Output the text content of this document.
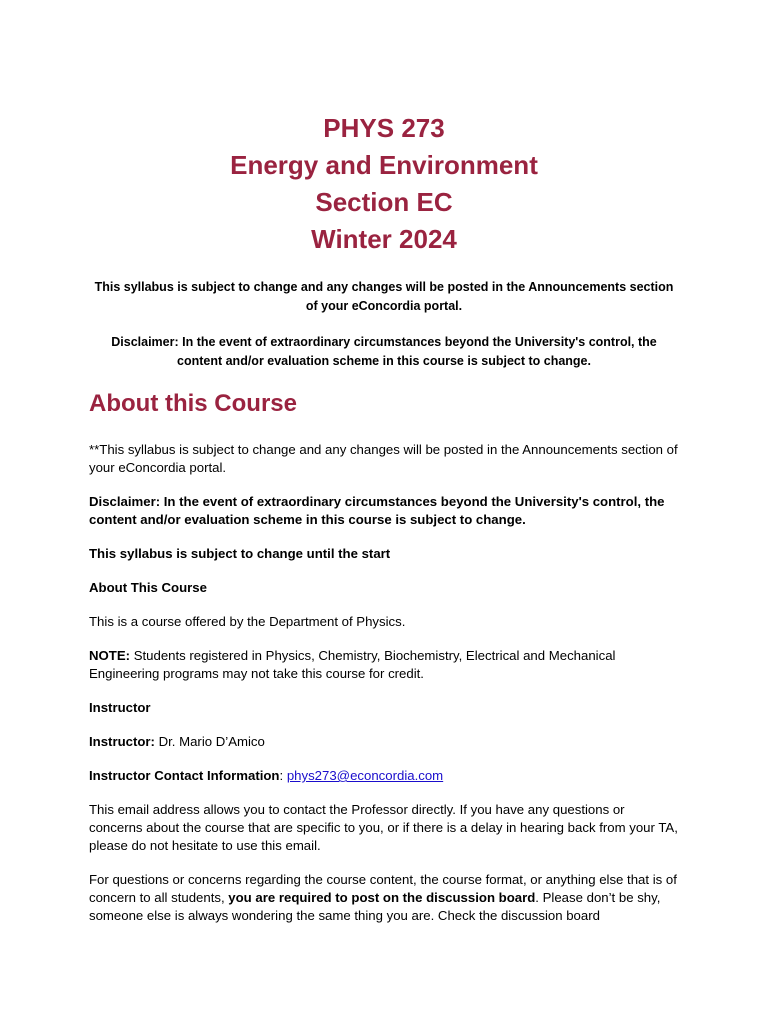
PHYS 273
Energy and Environment
Section EC
Winter 2024
This syllabus is subject to change and any changes will be posted in the Announcements section of your eConcordia portal.
Disclaimer: In the event of extraordinary circumstances beyond the University's control, the content and/or evaluation scheme in this course is subject to change.
About this Course

**This syllabus is subject to change and any changes will be posted in the Announcements section of your eConcordia portal.

Disclaimer: In the event of extraordinary circumstances beyond the University's control, the content and/or evaluation scheme in this course is subject to change.

This syllabus is subject to change until the start

About This Course

This is a course offered by the Department of Physics.

NOTE: Students registered in Physics, Chemistry, Biochemistry, Electrical and Mechanical Engineering programs may not take this course for credit.

Instructor

Instructor: Dr. Mario D’Amico

Instructor Contact Information: phys273@econcordia.com

This email address allows you to contact the Professor directly. If you have any questions or concerns about the course that are specific to you, or if there is a delay in hearing back from your TA, please do not hesitate to use this email.

For questions or concerns regarding the course content, the course format, or anything else that is of concern to all students, you are required to post on the discussion board. Please don’t be shy, someone else is always wondering the same thing you are. Check the discussion board
